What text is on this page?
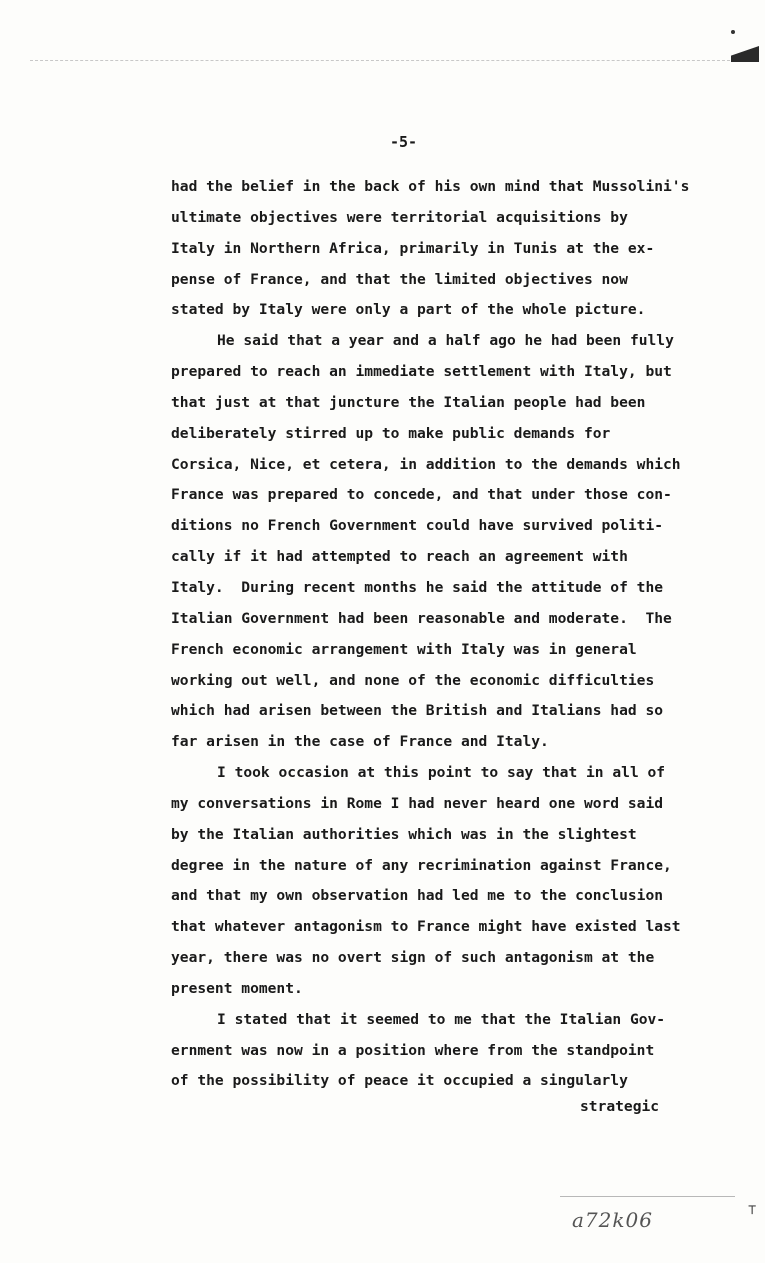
-5-
had the belief in the back of his own mind that Mussolini's
ultimate objectives were territorial acquisitions by
Italy in Northern Africa, primarily in Tunis at the ex-
pense of France, and that the limited objectives now
stated by Italy were only a part of the whole picture.
He said that a year and a half ago he had been fully
prepared to reach an immediate settlement with Italy, but
that just at that juncture the Italian people had been
deliberately stirred up to make public demands for
Corsica, Nice, et cetera, in addition to the demands which
France was prepared to concede, and that under those con-
ditions no French Government could have survived politi-
cally if it had attempted to reach an agreement with
Italy.  During recent months he said the attitude of the
Italian Government had been reasonable and moderate.  The
French economic arrangement with Italy was in general
working out well, and none of the economic difficulties
which had arisen between the British and Italians had so
far arisen in the case of France and Italy.
I took occasion at this point to say that in all of
my conversations in Rome I had never heard one word said
by the Italian authorities which was in the slightest
degree in the nature of any recrimination against France,
and that my own observation had led me to the conclusion
that whatever antagonism to France might have existed last
year, there was no overt sign of such antagonism at the
present moment.
I stated that it seemed to me that the Italian Gov-
ernment was now in a position where from the standpoint
of the possibility of peace it occupied a singularly
strategic
a72k06	⊤
